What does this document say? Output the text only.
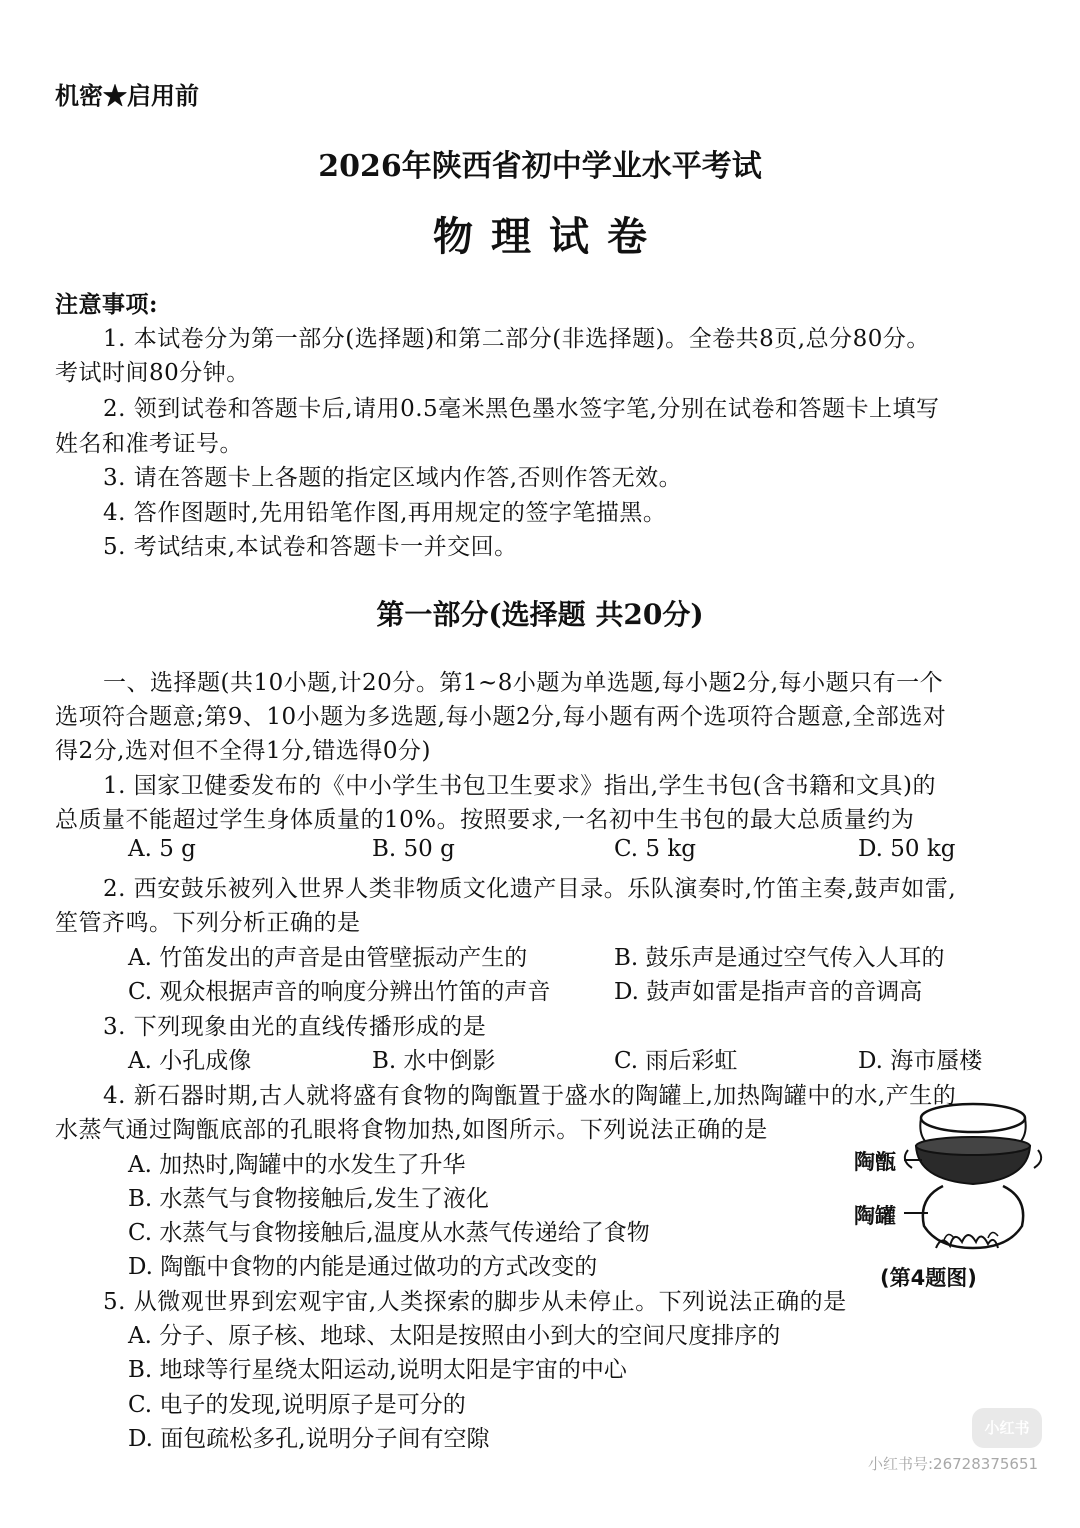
机密★启用前
2026年陕西省初中学业水平考试
物理试卷
注意事项:
1. 本试卷分为第一部分(选择题)和第二部分(非选择题)。全卷共8页,总分80分。
考试时间80分钟。
2. 领到试卷和答题卡后,请用0.5毫米黑色墨水签字笔,分别在试卷和答题卡上填写
姓名和准考证号。
3. 请在答题卡上各题的指定区域内作答,否则作答无效。
4. 答作图题时,先用铅笔作图,再用规定的签字笔描黑。
5. 考试结束,本试卷和答题卡一并交回。
第一部分(选择题 共20分)
一、选择题(共10小题,计20分。第1~8小题为单选题,每小题2分,每小题只有一个
选项符合题意;第9、10小题为多选题,每小题2分,每小题有两个选项符合题意,全部选对
得2分,选对但不全得1分,错选得0分)
1. 国家卫健委发布的《中小学生书包卫生要求》指出,学生书包(含书籍和文具)的
总质量不能超过学生身体质量的10%。按照要求,一名初中生书包的最大总质量约为
A. 5 g	B. 50 g	C. 5 kg	D. 50 kg
2. 西安鼓乐被列入世界人类非物质文化遗产目录。乐队演奏时,竹笛主奏,鼓声如雷,
笙管齐鸣。下列分析正确的是
A. 竹笛发出的声音是由管壁振动产生的	B. 鼓乐声是通过空气传入人耳的
C. 观众根据声音的响度分辨出竹笛的声音	D. 鼓声如雷是指声音的音调高
3. 下列现象由光的直线传播形成的是
A. 小孔成像	B. 水中倒影	C. 雨后彩虹	D. 海市蜃楼
4. 新石器时期,古人就将盛有食物的陶甑置于盛水的陶罐上,加热陶罐中的水,产生的
水蒸气通过陶甑底部的孔眼将食物加热,如图所示。下列说法正确的是
A. 加热时,陶罐中的水发生了升华
B. 水蒸气与食物接触后,发生了液化
C. 水蒸气与食物接触后,温度从水蒸气传递给了食物
D. 陶甑中食物的内能是通过做功的方式改变的
陶甑
陶罐
(第4题图)
5. 从微观世界到宏观宇宙,人类探索的脚步从未停止。下列说法正确的是
A. 分子、原子核、地球、太阳是按照由小到大的空间尺度排序的
B. 地球等行星绕太阳运动,说明太阳是宇宙的中心
C. 电子的发现,说明原子是可分的
D. 面包疏松多孔,说明分子间有空隙	小红书
小红书号:26728375651
